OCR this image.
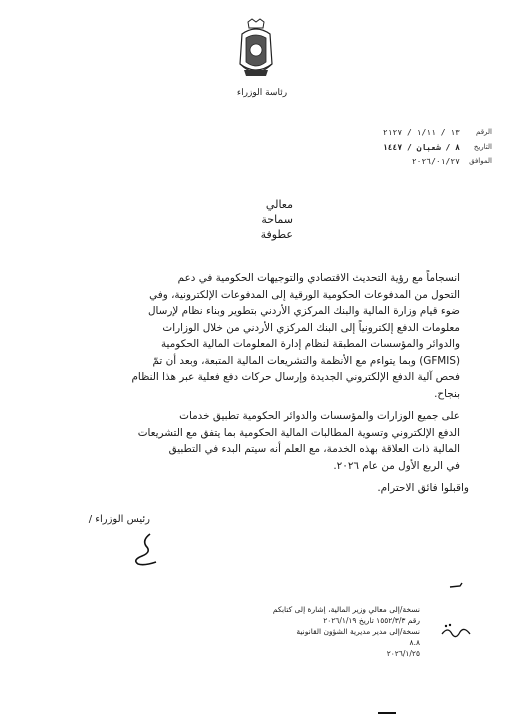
رئاسة الوزراء
الرقم
١٣ / ١/١١ / ٢١٢٧
التاريخ
٨ / شعبان / ١٤٤٧
الموافق
٢٠٢٦/٠١/٢٧
معالي
سماحة
عطوفة
انسجاماً مع رؤية التحديث الاقتصادي والتوجيهات الحكومية في دعم
التحول من المدفوعات الحكومية الورقية إلى المدفوعات الإلكترونية، وفي
ضوء قيام وزارة المالية والبنك المركزي الأردني بتطوير وبناء نظام لإرسال
معلومات الدفع إلكترونياً إلى البنك المركزي الأردني من خلال الوزارات
والدوائر والمؤسسات المطبقة لنظام إدارة المعلومات المالية الحكومية
(GFMIS) وبما يتواءم مع الأنظمة والتشريعات المالية المتبعة، وبعد أن تمّ
فحص آلية الدفع الإلكتروني الجديدة وإرسال حركات دفع فعلية عبر هذا النظام
بنجاح.
على جميع الوزارات والمؤسسات والدوائر الحكومية تطبيق خدمات
الدفع الإلكتروني وتسوية المطالبات المالية الحكومية بما يتفق مع التشريعات
المالية ذات العلاقة بهذه الخدمة، مع العلم أنه سيتم البدء في التطبيق
في الربع الأول من عام ٢٠٢٦.
واقبلوا فائق الاحترام.
رئيس الوزراء /
نسخة/إلى معالي وزير المالية، إشارة إلى كتابكم
رقم ١٥٥٢/٣/٣ تاريخ ٢٠٢٦/١/١٩
نسخة/إلى مدير مديرية الشؤون القانونية
٨.٨
٢٠٢٦/١/٢٥
